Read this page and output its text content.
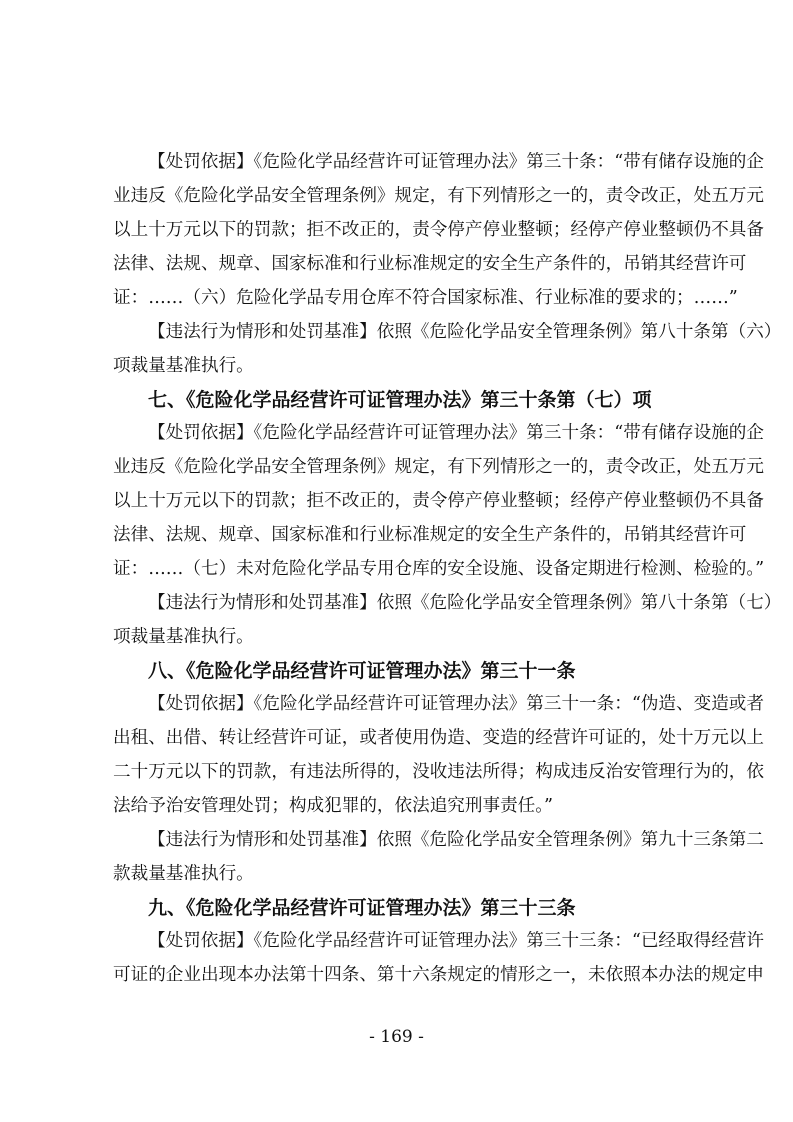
【处罚依据】《危险化学品经营许可证管理办法》第三十条：“带有储存设施的企
业违反《危险化学品安全管理条例》规定，有下列情形之一的，责令改正，处五万元
以上十万元以下的罚款；拒不改正的，责令停产停业整顿；经停产停业整顿仍不具备
法律、法规、规章、国家标准和行业标准规定的安全生产条件的，吊销其经营许可
证：……（六）危险化学品专用仓库不符合国家标准、行业标准的要求的；……”
【违法行为情形和处罚基准】依照《危险化学品安全管理条例》第八十条第（六）
项裁量基准执行。
七、《危险化学品经营许可证管理办法》第三十条第（七）项
【处罚依据】《危险化学品经营许可证管理办法》第三十条：“带有储存设施的企
业违反《危险化学品安全管理条例》规定，有下列情形之一的，责令改正，处五万元
以上十万元以下的罚款；拒不改正的，责令停产停业整顿；经停产停业整顿仍不具备
法律、法规、规章、国家标准和行业标准规定的安全生产条件的，吊销其经营许可
证：……（七）未对危险化学品专用仓库的安全设施、设备定期进行检测、检验的。”
【违法行为情形和处罚基准】依照《危险化学品安全管理条例》第八十条第（七）
项裁量基准执行。
八、《危险化学品经营许可证管理办法》第三十一条
【处罚依据】《危险化学品经营许可证管理办法》第三十一条：“伪造、变造或者
出租、出借、转让经营许可证，或者使用伪造、变造的经营许可证的，处十万元以上
二十万元以下的罚款，有违法所得的，没收违法所得；构成违反治安管理行为的，依
法给予治安管理处罚；构成犯罪的，依法追究刑事责任。”
【违法行为情形和处罚基准】依照《危险化学品安全管理条例》第九十三条第二
款裁量基准执行。
九、《危险化学品经营许可证管理办法》第三十三条
【处罚依据】《危险化学品经营许可证管理办法》第三十三条：“已经取得经营许
可证的企业出现本办法第十四条、第十六条规定的情形之一，未依照本办法的规定申
- 169 -
